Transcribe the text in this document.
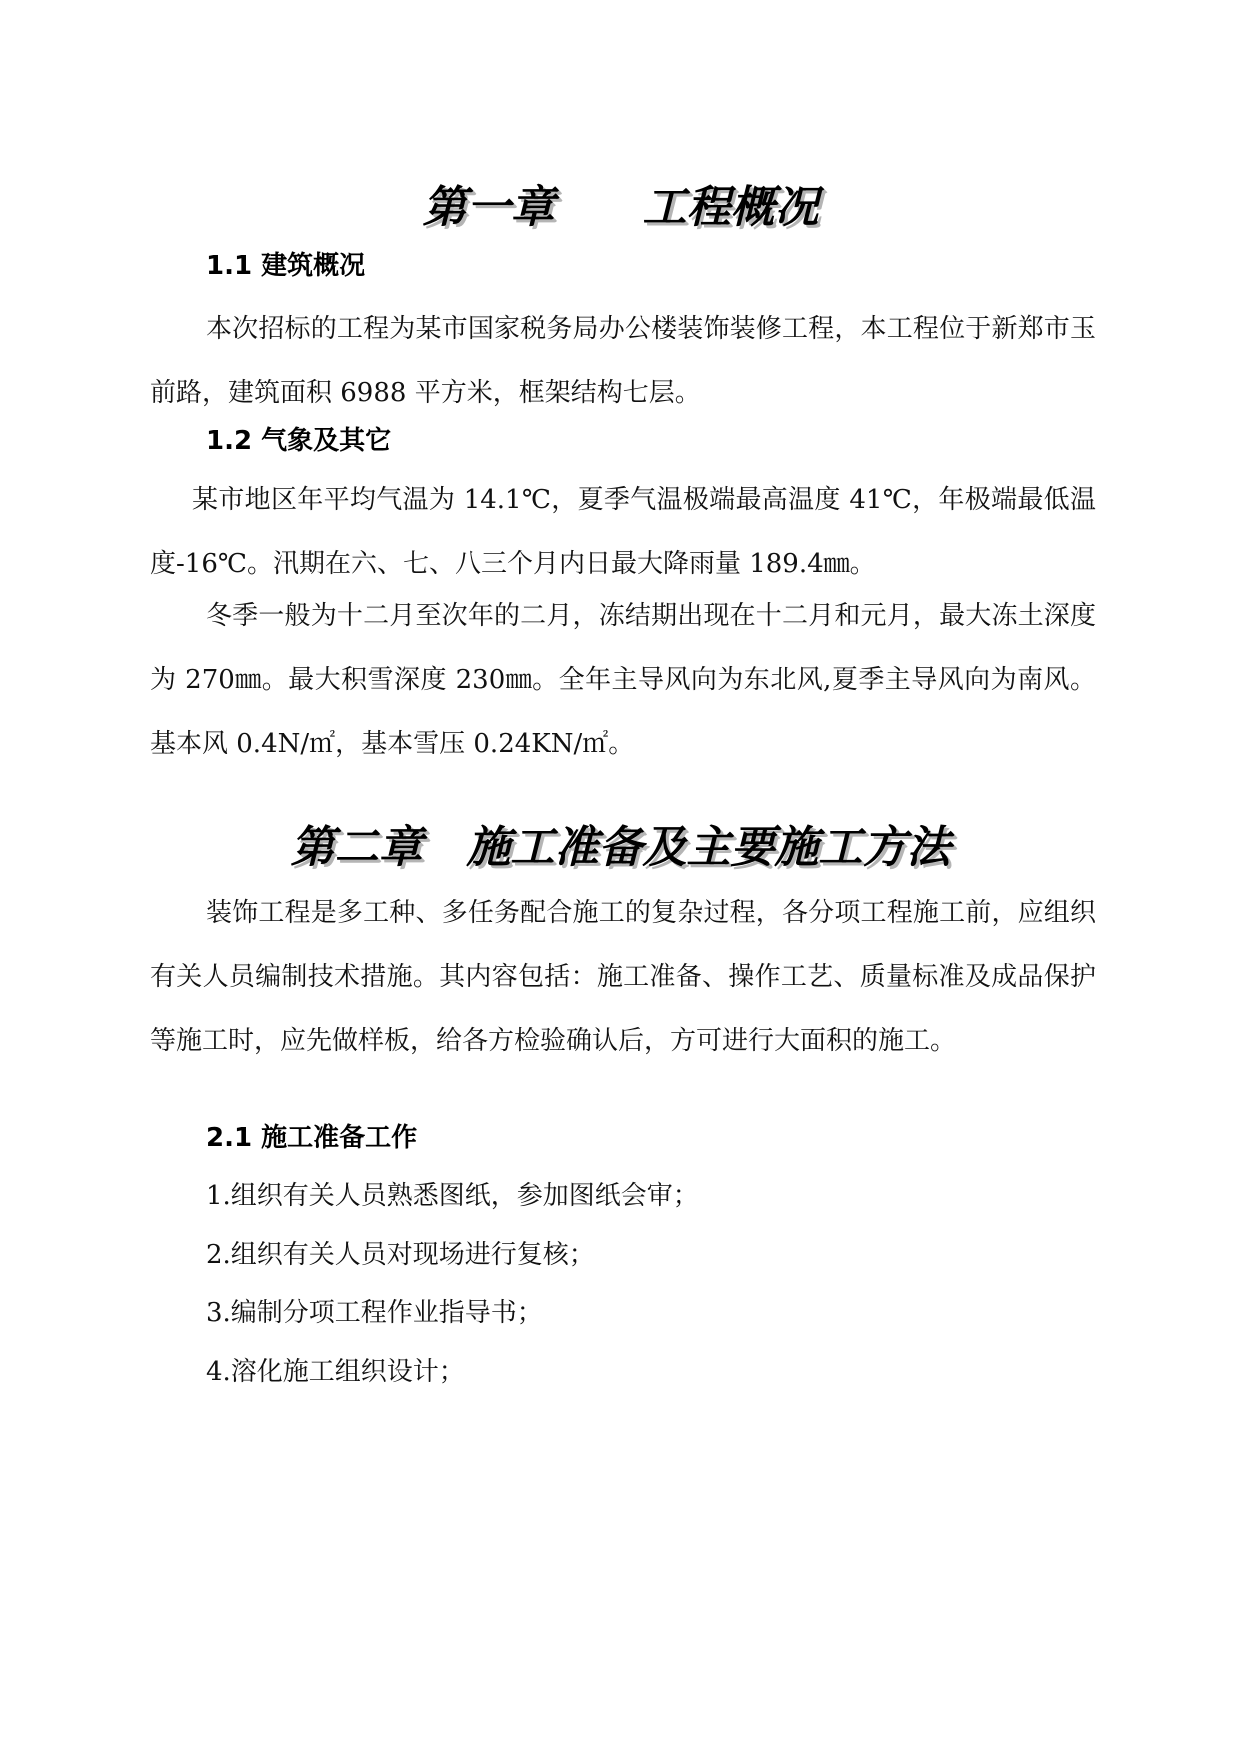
第一章　　工程概况
1.1 建筑概况

本次招标的工程为某市国家税务局办公楼装饰装修工程，本工程位于新郑市玉前路，建筑面积 6988 平方米，框架结构七层。

1.2 气象及其它

某市地区年平均气温为 14.1℃，夏季气温极端最高温度 41℃，年极端最低温度-16℃。汛期在六、七、八三个月内日最大降雨量 189.4㎜。

冬季一般为十二月至次年的二月，冻结期出现在十二月和元月，最大冻土深度为 270㎜。最大积雪深度 230㎜。全年主导风向为东北风,夏季主导风向为南风。基本风 0.4N/㎡，基本雪压 0.24KN/㎡。

第二章　施工准备及主要施工方法

装饰工程是多工种、多任务配合施工的复杂过程，各分项工程施工前，应组织有关人员编制技术措施。其内容包括：施工准备、操作工艺、质量标准及成品保护等施工时，应先做样板，给各方检验确认后，方可进行大面积的施工。

2.1 施工准备工作

1.组织有关人员熟悉图纸，参加图纸会审；

2.组织有关人员对现场进行复核；

3.编制分项工程作业指导书；

4.溶化施工组织设计；
